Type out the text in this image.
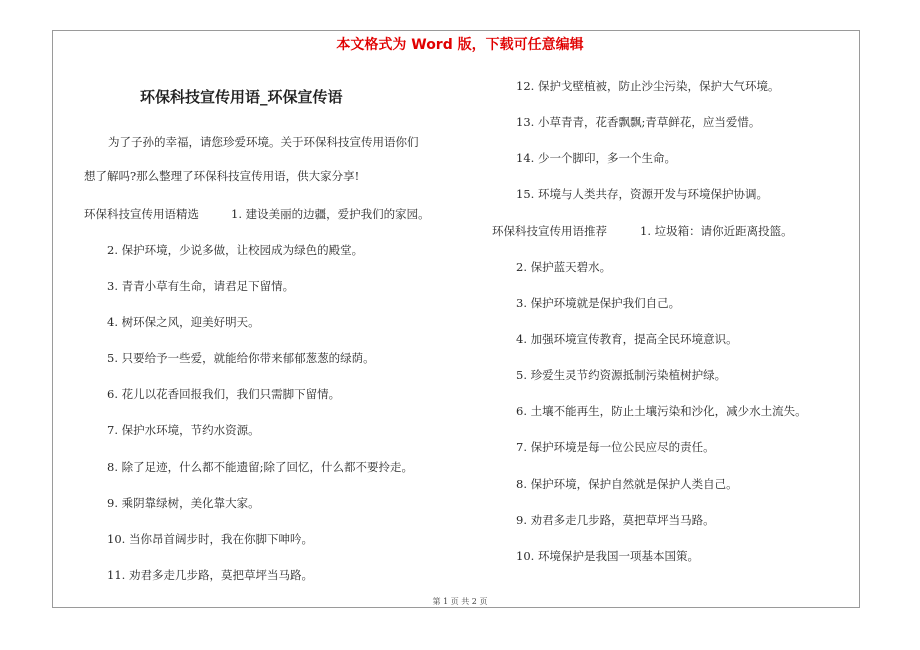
本文格式为 Word 版，下载可任意编辑
环保科技宣传用语_环保宣传语
为了子孙的幸福，请您珍爱环境。关于环保科技宣传用语你们
想了解吗?那么整理了环保科技宣传用语，供大家分享!
环保科技宣传用语精选	1. 建设美丽的边疆，爱护我们的家园。
2. 保护环境，少说多做，让校园成为绿色的殿堂。
3. 青青小草有生命，请君足下留情。
4. 树环保之风，迎美好明天。
5. 只要给予一些爱，就能给你带来郁郁葱葱的绿荫。
6. 花儿以花香回报我们，我们只需脚下留情。
7. 保护水环境，节约水资源。
8. 除了足迹，什么都不能遗留;除了回忆，什么都不要拎走。
9. 乘阴靠绿树，美化靠大家。
10. 当你昂首阔步时，我在你脚下呻吟。
11. 劝君多走几步路，莫把草坪当马路。
12. 保护戈壁植被，防止沙尘污染，保护大气环境。
13. 小草青青，花香飘飘;青草鲜花，应当爱惜。
14. 少一个脚印，多一个生命。
15. 环境与人类共存，资源开发与环境保护协调。
环保科技宣传用语推荐	1. 垃圾箱：请你近距离投篮。
2. 保护蓝天碧水。
3. 保护环境就是保护我们自己。
4. 加强环境宣传教育，提高全民环境意识。
5. 珍爱生灵节约资源抵制污染植树护绿。
6. 土壤不能再生，防止土壤污染和沙化，减少水土流失。
7. 保护环境是每一位公民应尽的责任。
8. 保护环境，保护自然就是保护人类自己。
9. 劝君多走几步路，莫把草坪当马路。
10. 环境保护是我国一项基本国策。
第 1 页 共 2 页
